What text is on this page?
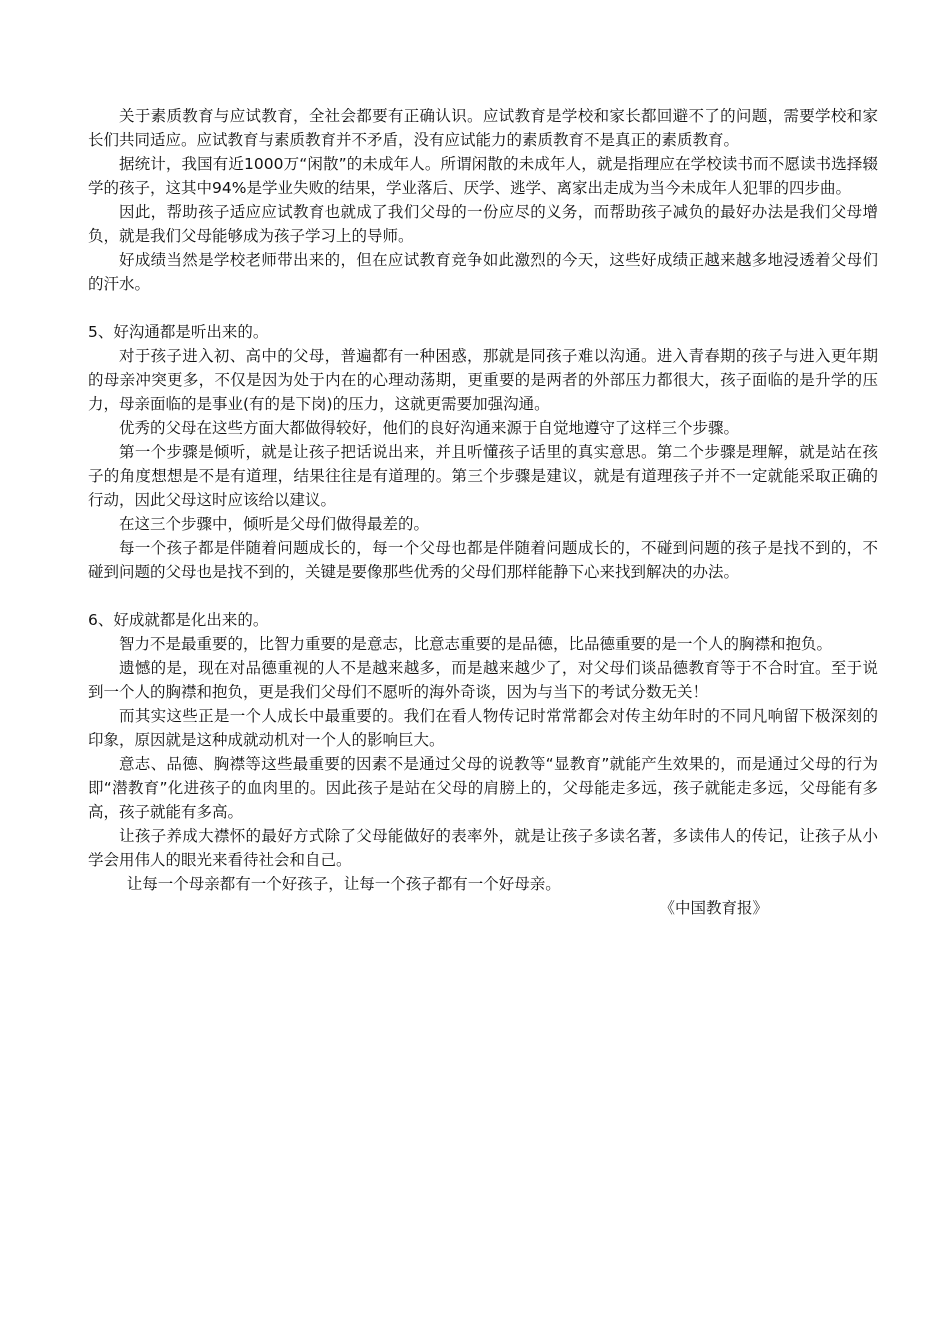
关于素质教育与应试教育，全社会都要有正确认识。应试教育是学校和家长都回避不了的问题，需要学校和家长们共同适应。应试教育与素质教育并不矛盾，没有应试能力的素质教育不是真正的素质教育。

据统计，我国有近1000万“闲散”的未成年人。所谓闲散的未成年人，就是指理应在学校读书而不愿读书选择辍学的孩子，这其中94%是学业失败的结果，学业落后、厌学、逃学、离家出走成为当今未成年人犯罪的四步曲。

因此，帮助孩子适应应试教育也就成了我们父母的一份应尽的义务，而帮助孩子减负的最好办法是我们父母增负，就是我们父母能够成为孩子学习上的导师。

好成绩当然是学校老师带出来的，但在应试教育竞争如此激烈的今天，这些好成绩正越来越多地浸透着父母们的汗水。

5、好沟通都是听出来的。

对于孩子进入初、高中的父母，普遍都有一种困惑，那就是同孩子难以沟通。进入青春期的孩子与进入更年期的母亲冲突更多，不仅是因为处于内在的心理动荡期，更重要的是两者的外部压力都很大，孩子面临的是升学的压力，母亲面临的是事业(有的是下岗)的压力，这就更需要加强沟通。

优秀的父母在这些方面大都做得较好，他们的良好沟通来源于自觉地遵守了这样三个步骤。

第一个步骤是倾听，就是让孩子把话说出来，并且听懂孩子话里的真实意思。第二个步骤是理解，就是站在孩子的角度想想是不是有道理，结果往往是有道理的。第三个步骤是建议，就是有道理孩子并不一定就能采取正确的行动，因此父母这时应该给以建议。

在这三个步骤中，倾听是父母们做得最差的。

每一个孩子都是伴随着问题成长的，每一个父母也都是伴随着问题成长的，不碰到问题的孩子是找不到的，不碰到问题的父母也是找不到的，关键是要像那些优秀的父母们那样能静下心来找到解决的办法。

6、好成就都是化出来的。

智力不是最重要的，比智力重要的是意志，比意志重要的是品德，比品德重要的是一个人的胸襟和抱负。

遗憾的是，现在对品德重视的人不是越来越多，而是越来越少了，对父母们谈品德教育等于不合时宜。至于说到一个人的胸襟和抱负，更是我们父母们不愿听的海外奇谈，因为与当下的考试分数无关！

而其实这些正是一个人成长中最重要的。我们在看人物传记时常常都会对传主幼年时的不同凡响留下极深刻的印象，原因就是这种成就动机对一个人的影响巨大。

意志、品德、胸襟等这些最重要的因素不是通过父母的说教等“显教育”就能产生效果的，而是通过父母的行为即“潜教育”化进孩子的血肉里的。因此孩子是站在父母的肩膀上的，父母能走多远，孩子就能走多远，父母能有多高，孩子就能有多高。

让孩子养成大襟怀的最好方式除了父母能做好的表率外，就是让孩子多读名著，多读伟人的传记，让孩子从小学会用伟人的眼光来看待社会和自己。

让每一个母亲都有一个好孩子，让每一个孩子都有一个好母亲。

《中国教育报》
